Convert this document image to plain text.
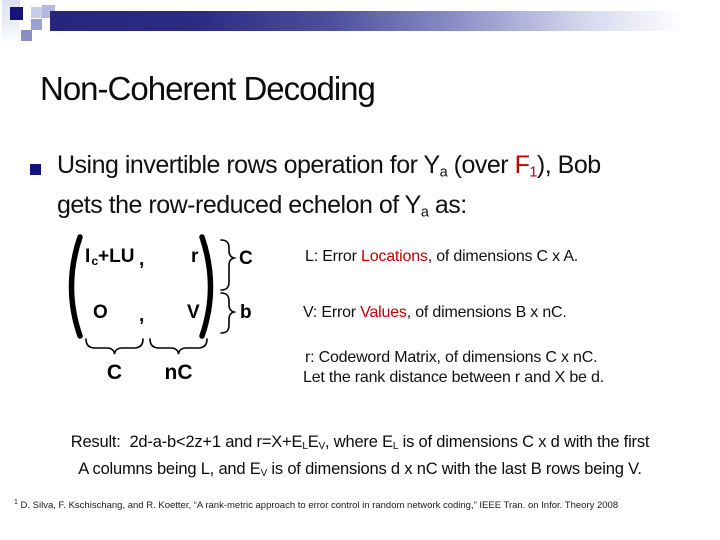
Non-Coherent Decoding
Using invertible rows operation for $Y_a$ (over $F_1$), Bob
gets the row-reduced echelon of $Y_a$ as:
I c +LU , r
O , V
C
b
C nC
L: Error Locations, of dimensions C x A.
V: Error Values, of dimensions B x nC.
r: Codeword Matrix, of dimensions C x nC.
Let the rank distance between r and X be d.
Result:  2d-a-b<2z+1 and $r=X+E_LE_V$, where $E_L$ is of dimensions C x d with the first
A columns being L, and $E_V$ is of dimensions d x nC with the last B rows being V.
$^1$ D. Silva, F. Kschischang, and R. Koetter, “A rank-metric approach to error control in random network coding,” IEEE Tran. on Infor. Theory 2008
